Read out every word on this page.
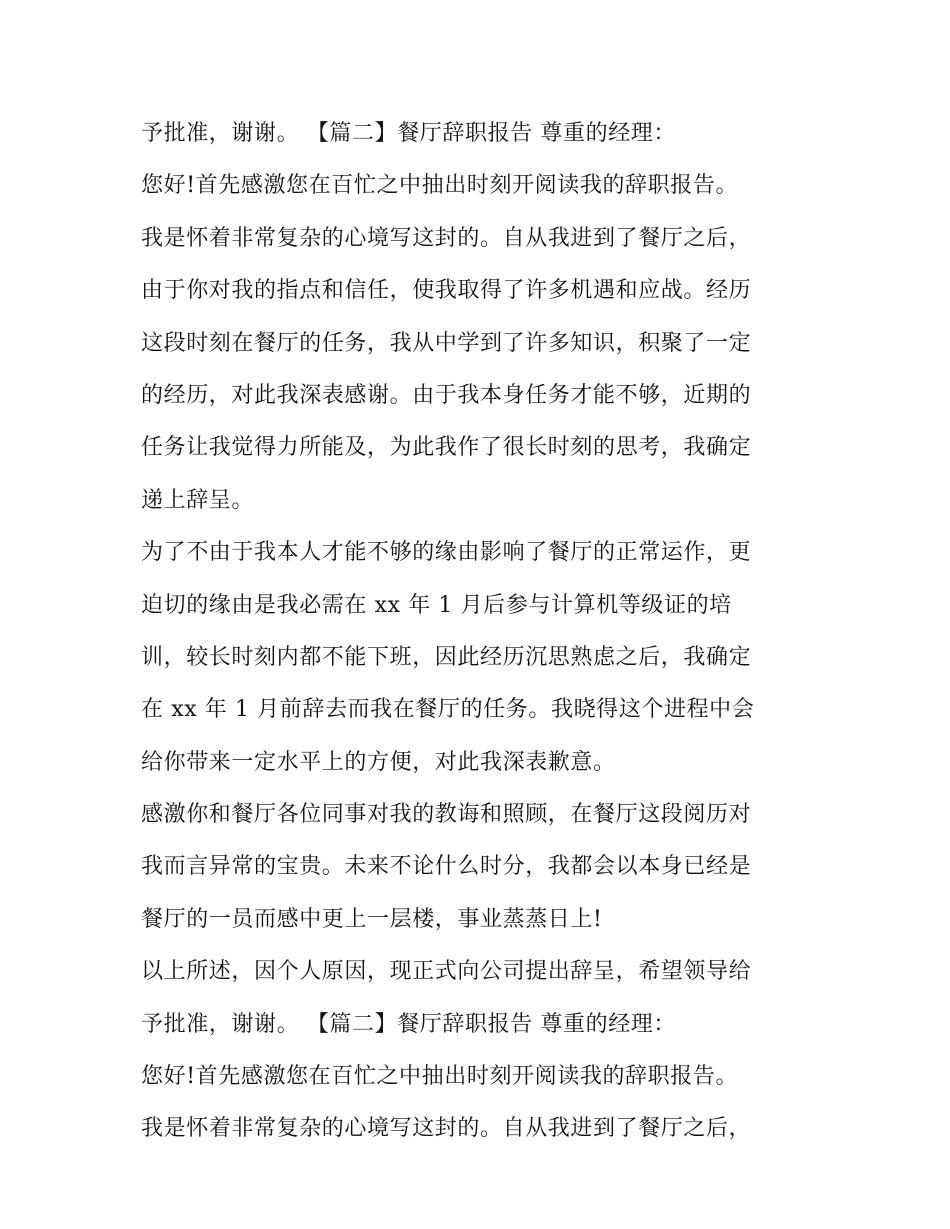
予批准，谢谢。 【篇二】餐厅辞职报告 尊重的经理：
您好!首先感激您在百忙之中抽出时刻开阅读我的辞职报告。
我是怀着非常复杂的心境写这封的。自从我进到了餐厅之后，
由于你对我的指点和信任，使我取得了许多机遇和应战。经历
这段时刻在餐厅的任务，我从中学到了许多知识，积聚了一定
的经历，对此我深表感谢。由于我本身任务才能不够，近期的
任务让我觉得力所能及，为此我作了很长时刻的思考，我确定
递上辞呈。
为了不由于我本人才能不够的缘由影响了餐厅的正常运作，更
迫切的缘由是我必需在 xx 年 1 月后参与计算机等级证的培
训，较长时刻内都不能下班，因此经历沉思熟虑之后，我确定
在 xx 年 1 月前辞去而我在餐厅的任务。我晓得这个进程中会
给你带来一定水平上的方便，对此我深表歉意。
感激你和餐厅各位同事对我的教诲和照顾，在餐厅这段阅历对
我而言异常的宝贵。未来不论什么时分，我都会以本身已经是
餐厅的一员而感中更上一层楼，事业蒸蒸日上!
以上所述，因个人原因，现正式向公司提出辞呈，希望领导给
予批准，谢谢。 【篇二】餐厅辞职报告 尊重的经理：
您好!首先感激您在百忙之中抽出时刻开阅读我的辞职报告。
我是怀着非常复杂的心境写这封的。自从我进到了餐厅之后，
